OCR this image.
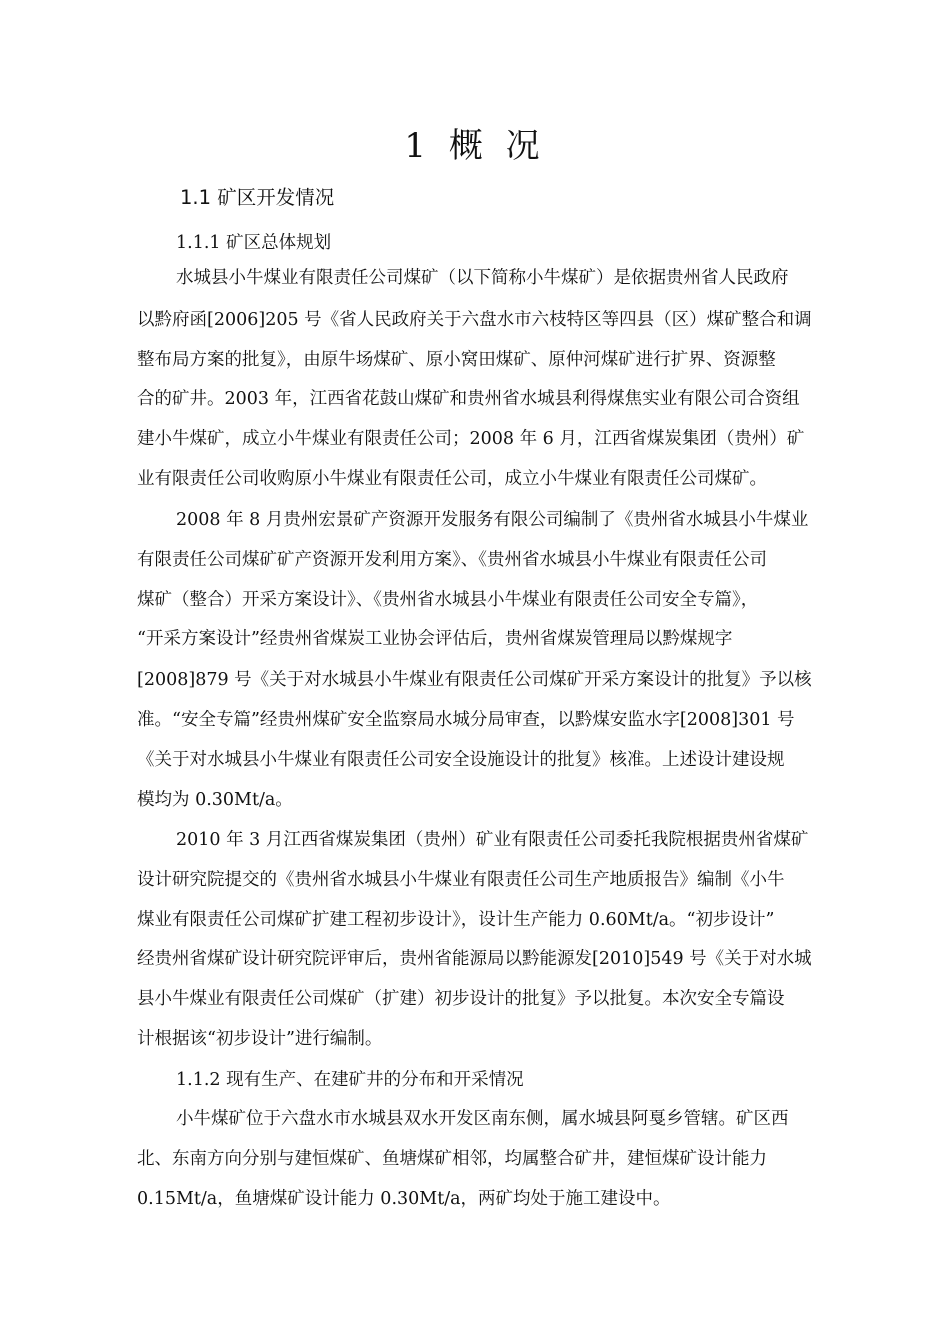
1 概 况
1.1 矿区开发情况
1.1.1 矿区总体规划
水城县小牛煤业有限责任公司煤矿（以下简称小牛煤矿）是依据贵州省人民政府
以黔府函[2006]205 号《省人民政府关于六盘水市六枝特区等四县（区）煤矿整合和调
整布局方案的批复》，由原牛场煤矿、原小窝田煤矿、原仲河煤矿进行扩界、资源整
合的矿井。2003 年，江西省花鼓山煤矿和贵州省水城县利得煤焦实业有限公司合资组
建小牛煤矿，成立小牛煤业有限责任公司；2008 年 6 月，江西省煤炭集团（贵州）矿
业有限责任公司收购原小牛煤业有限责任公司，成立小牛煤业有限责任公司煤矿。
2008 年 8 月贵州宏景矿产资源开发服务有限公司编制了《贵州省水城县小牛煤业
有限责任公司煤矿矿产资源开发利用方案》、《贵州省水城县小牛煤业有限责任公司
煤矿（整合）开采方案设计》、《贵州省水城县小牛煤业有限责任公司安全专篇》，
“开采方案设计”经贵州省煤炭工业协会评估后，贵州省煤炭管理局以黔煤规字
[2008]879 号《关于对水城县小牛煤业有限责任公司煤矿开采方案设计的批复》予以核
准。“安全专篇”经贵州煤矿安全监察局水城分局审查，以黔煤安监水字[2008]301 号
《关于对水城县小牛煤业有限责任公司安全设施设计的批复》核准。上述设计建设规
模均为 0.30Mt/a。
2010 年 3 月江西省煤炭集团（贵州）矿业有限责任公司委托我院根据贵州省煤矿
设计研究院提交的《贵州省水城县小牛煤业有限责任公司生产地质报告》编制《小牛
煤业有限责任公司煤矿扩建工程初步设计》，设计生产能力 0.60Mt/a。“初步设计”
经贵州省煤矿设计研究院评审后，贵州省能源局以黔能源发[2010]549 号《关于对水城
县小牛煤业有限责任公司煤矿（扩建）初步设计的批复》予以批复。本次安全专篇设
计根据该“初步设计”进行编制。
1.1.2 现有生产、在建矿井的分布和开采情况
小牛煤矿位于六盘水市水城县双水开发区南东侧，属水城县阿戛乡管辖。矿区西
北、东南方向分别与建恒煤矿、鱼塘煤矿相邻，均属整合矿井，建恒煤矿设计能力
0.15Mt/a，鱼塘煤矿设计能力 0.30Mt/a，两矿均处于施工建设中。
